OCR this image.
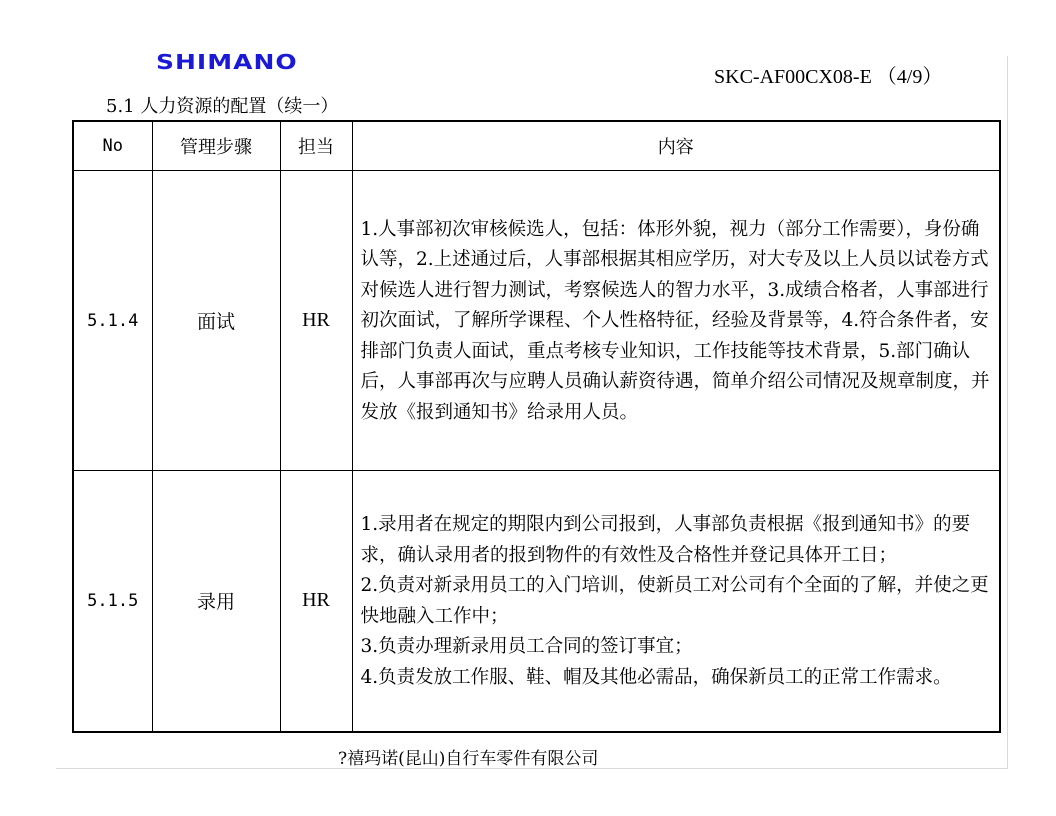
SHIMANO
SKC-AF00CX08-E （4/9）
5.1 人力资源的配置（续一）
No	管理步骤	担当	内容
5.1.4	面试	HR	1.人事部初次审核候选人，包括：体形外貌，视力（部分工作需要），身份确认等，2.上述通过后，人事部根据其相应学历，对大专及以上人员以试卷方式对候选人进行智力测试，考察候选人的智力水平，3.成绩合格者，人事部进行初次面试，了解所学课程、个人性格特征，经验及背景等，4.符合条件者，安排部门负责人面试，重点考核专业知识，工作技能等技术背景，5.部门确认后，人事部再次与应聘人员确认薪资待遇，简单介绍公司情况及规章制度，并发放《报到通知书》给录用人员。
5.1.5	录用	HR	1.录用者在规定的期限内到公司报到，人事部负责根据《报到通知书》的要求，确认录用者的报到物件的有效性及合格性并登记具体开工日；
2.负责对新录用员工的入门培训，使新员工对公司有个全面的了解，并使之更快地融入工作中；
3.负责办理新录用员工合同的签订事宜；
4.负责发放工作服、鞋、帽及其他必需品，确保新员工的正常工作需求。
?禧玛诺(昆山)自行车零件有限公司
